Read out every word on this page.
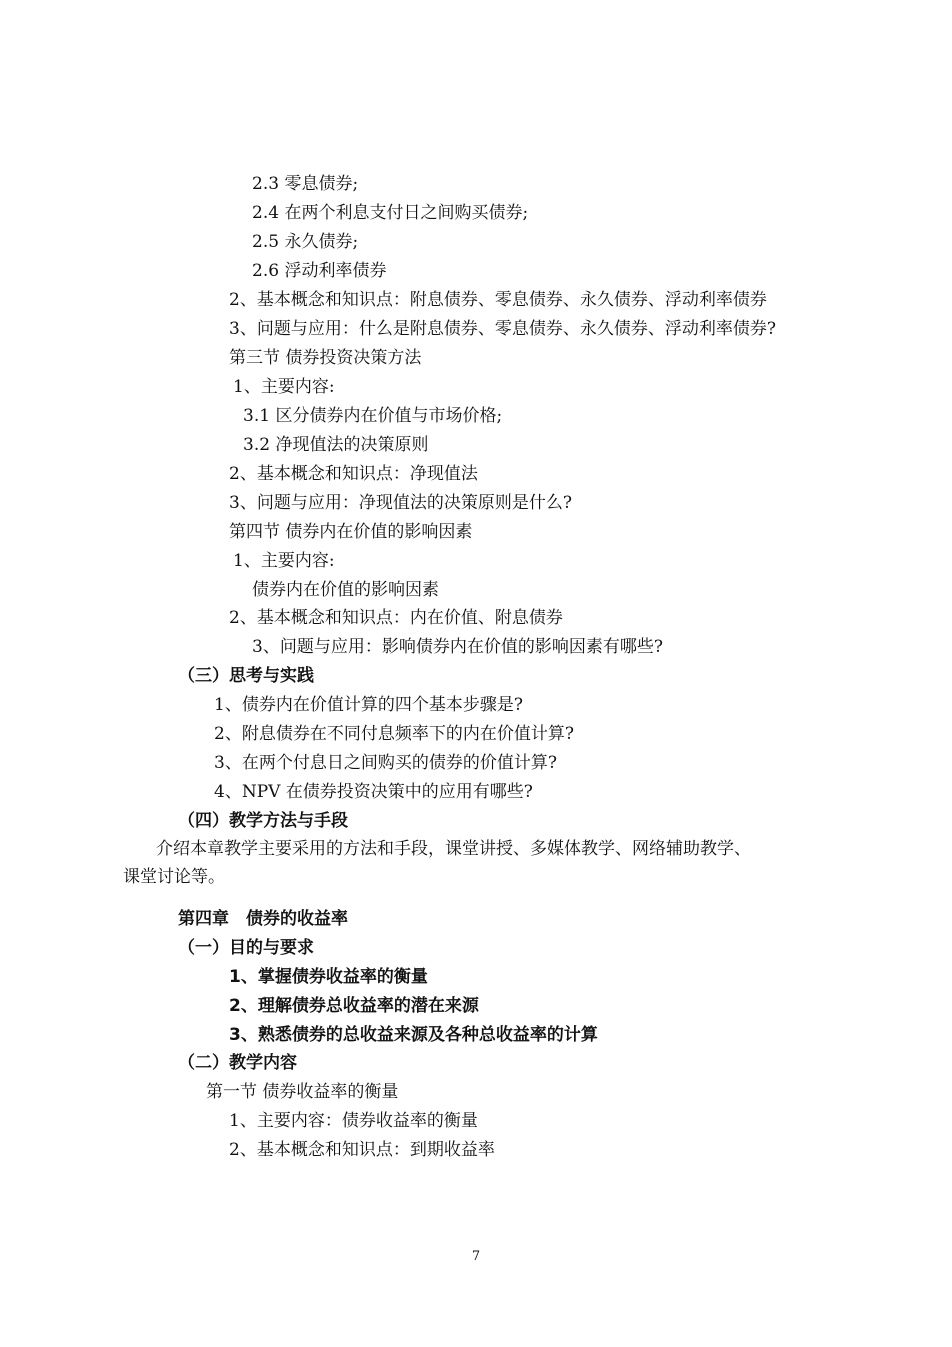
2.3 零息债券;
2.4 在两个利息支付日之间购买债券;
2.5 永久债券;
2.6 浮动利率债券
2、基本概念和知识点：附息债券、零息债券、永久债券、浮动利率债券
3、问题与应用：什么是附息债券、零息债券、永久债券、浮动利率债券?
第三节 债券投资决策方法
1、主要内容:
3.1 区分债券内在价值与市场价格;
3.2 净现值法的决策原则
2、基本概念和知识点：净现值法
3、问题与应用：净现值法的决策原则是什么?
第四节 债券内在价值的影响因素
1、主要内容:
债券内在价值的影响因素
2、基本概念和知识点：内在价值、附息债券
3、问题与应用：影响债券内在价值的影响因素有哪些?
（三）思考与实践
1、债券内在价值计算的四个基本步骤是?
2、附息债券在不同付息频率下的内在价值计算?
3、在两个付息日之间购买的债券的价值计算?
4、NPV 在债券投资决策中的应用有哪些?
（四）教学方法与手段
介绍本章教学主要采用的方法和手段，课堂讲授、多媒体教学、网络辅助教学、
课堂讨论等。
第四章　债券的收益率
（一）目的与要求
1、掌握债券收益率的衡量
2、理解债券总收益率的潜在来源
3、熟悉债券的总收益来源及各种总收益率的计算
（二）教学内容
第一节 债券收益率的衡量
1、主要内容：债券收益率的衡量
2、基本概念和知识点：到期收益率
7
